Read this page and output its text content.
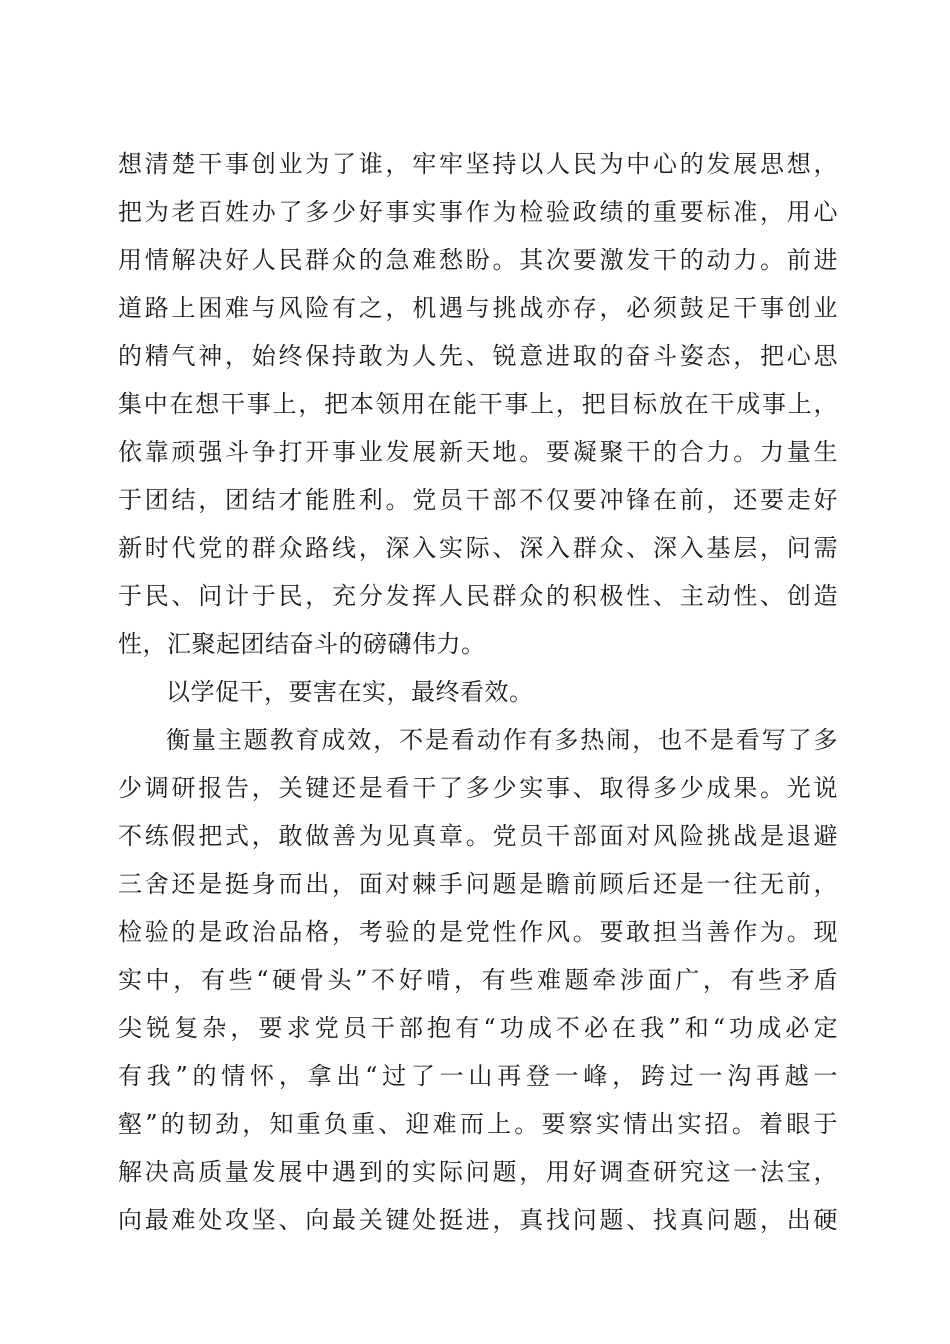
想清楚干事创业为了谁，牢牢坚持以人民为中心的发展思想，
把为老百姓办了多少好事实事作为检验政绩的重要标准，用心
用情解决好人民群众的急难愁盼。其次要激发干的动力。前进
道路上困难与风险有之，机遇与挑战亦存，必须鼓足干事创业
的精气神，始终保持敢为人先、锐意进取的奋斗姿态，把心思
集中在想干事上，把本领用在能干事上，把目标放在干成事上，
依靠顽强斗争打开事业发展新天地。要凝聚干的合力。力量生
于团结，团结才能胜利。党员干部不仅要冲锋在前，还要走好
新时代党的群众路线，深入实际、深入群众、深入基层，问需
于民、问计于民，充分发挥人民群众的积极性、主动性、创造
性，汇聚起团结奋斗的磅礴伟力。
以学促干，要害在实，最终看效。
衡量主题教育成效，不是看动作有多热闹，也不是看写了多
少调研报告，关键还是看干了多少实事、取得多少成果。光说
不练假把式，敢做善为见真章。党员干部面对风险挑战是退避
三舍还是挺身而出，面对棘手问题是瞻前顾后还是一往无前，
检验的是政治品格，考验的是党性作风。要敢担当善作为。现
实中，有些“硬骨头”不好啃，有些难题牵涉面广，有些矛盾
尖锐复杂，要求党员干部抱有“功成不必在我”和“功成必定
有我”的情怀，拿出“过了一山再登一峰，跨过一沟再越一
壑”的韧劲，知重负重、迎难而上。要察实情出实招。着眼于
解决高质量发展中遇到的实际问题，用好调查研究这一法宝，
向最难处攻坚、向最关键处挺进，真找问题、找真问题，出硬
